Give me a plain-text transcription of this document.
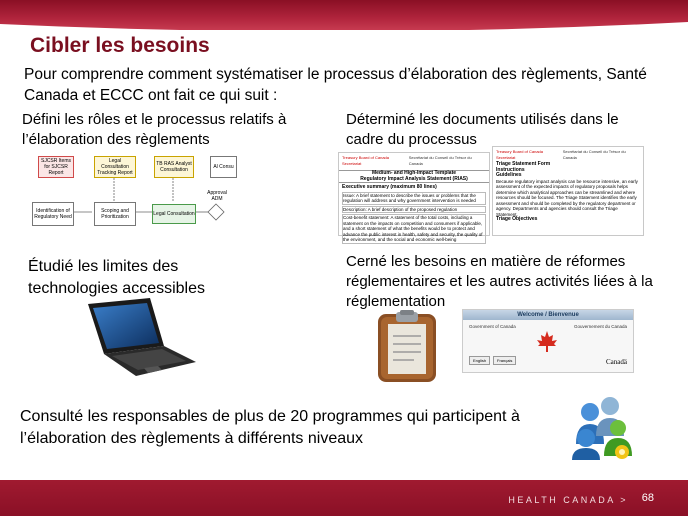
Cibler les besoins
Pour comprendre comment systématiser le processus d’élaboration des règlements, Santé Canada et ECCC ont fait ce qui suit :
Défini les rôles et le processus relatifs à l’élaboration des règlements
SJCSR Items for SJCSR Report
Legal Consultation Tracking Report
TB RAS Analyst Consultation	Al Consu
Identification of Regulatory Need
Scoping and Prioritization	Legal Consultation
Approval ADM
Déterminé les documents utilisés dans le cadre du processus
Treasury Board of Canada Secretariat
Secrétariat du Conseil du Trésor du Canada
Medium- and High-Impact Template
Regulatory Impact Analysis Statement (RIAS)
Executive summary (maximum 80 lines)
Issue: A brief statement to describe the issues or problems that the regulation will address and why government intervention is needed
Description: A brief description of the proposed regulation
Cost-benefit statement: A statement of the total costs, including a statement on the impacts on competition and consumers if applicable, and a short statement of what the benefits would be to protect and advance the public interest in health, safety and security, the quality of the environment, and the social and economic well-being
Treasury Board of Canada Secretariat
Secrétariat du Conseil du Trésor du Canada
Triage Statement Form
Instructions
Guidelines
Because regulatory impact analysis can be resource intensive, an early assessment of the expected impacts of regulatory proposals helps determine which analytical approaches can be streamlined and where resources should be focused. The Triage Statement identifies the early assessment and should be completed by the regulatory department or agency. Departments and agencies should consult the Triage Statement.
Triage Objectives
Étudié les limites des technologies accessibles
Cerné les besoins en matière de réformes réglementaires et les autres activités liées à la réglementation
Welcome / Bienvenue
Government of Canada	Gouvernement du Canada
English	Français	Canadä
Consulté les responsables de plus de 20 programmes qui participent à l’élaboration des règlements à différents niveaux
HEALTH CANADA > 68
